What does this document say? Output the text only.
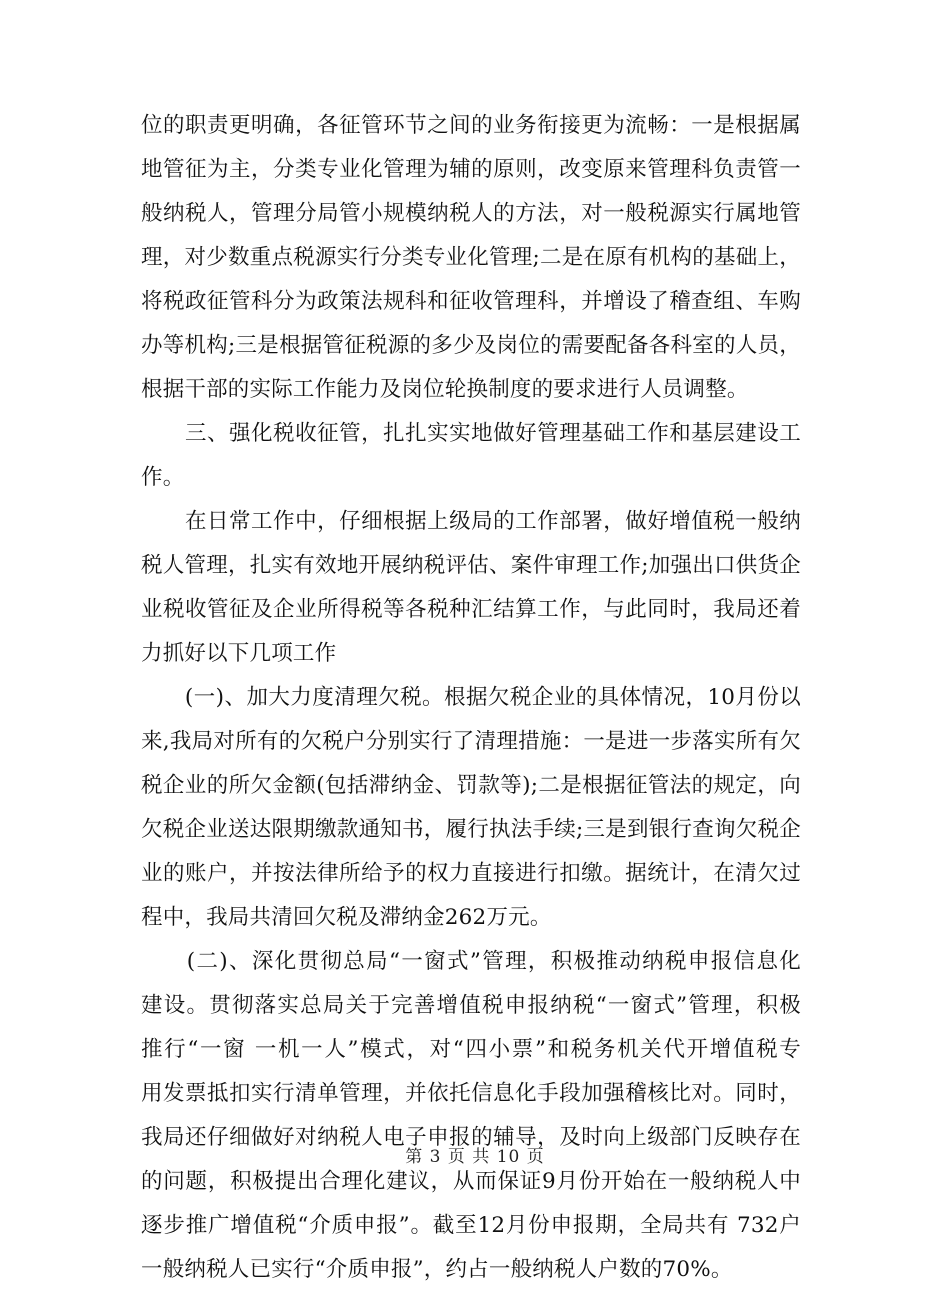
位的职责更明确，各征管环节之间的业务衔接更为流畅：一是根据属
地管征为主，分类专业化管理为辅的原则，改变原来管理科负责管一
般纳税人，管理分局管小规模纳税人的方法，对一般税源实行属地管
理，对少数重点税源实行分类专业化管理;二是在原有机构的基础上，
将税政征管科分为政策法规科和征收管理科，并增设了稽查组、车购
办等机构;三是根据管征税源的多少及岗位的需要配备各科室的人员，
根据干部的实际工作能力及岗位轮换制度的要求进行人员调整。
　　三、强化税收征管，扎扎实实地做好管理基础工作和基层建设工
作。
　　在日常工作中，仔细根据上级局的工作部署，做好增值税一般纳
税人管理，扎实有效地开展纳税评估、案件审理工作;加强出口供货企
业税收管征及企业所得税等各税种汇结算工作，与此同时，我局还着
力抓好以下几项工作
　　(一)、加大力度清理欠税。根据欠税企业的具体情况，10月份以
来,我局对所有的欠税户分别实行了清理措施：一是进一步落实所有欠
税企业的所欠金额(包括滞纳金、罚款等);二是根据征管法的规定，向
欠税企业送达限期缴款通知书，履行执法手续;三是到银行查询欠税企
业的账户，并按法律所给予的权力直接进行扣缴。据统计，在清欠过
程中，我局共清回欠税及滞纳金262万元。
　　(二)、深化贯彻总局“一窗式”管理，积极推动纳税申报信息化
建设。贯彻落实总局关于完善增值税申报纳税“一窗式”管理，积极
推行“一窗 一机一人”模式，对“四小票”和税务机关代开增值税专
用发票抵扣实行清单管理，并依托信息化手段加强稽核比对。同时，
我局还仔细做好对纳税人电子申报的辅导，及时向上级部门反映存在
的问题，积极提出合理化建议，从而保证9月份开始在一般纳税人中
逐步推广增值税“介质申报”。截至12月份申报期，全局共有 732户
一般纳税人已实行“介质申报”，约占一般纳税人户数的70%。
第 3 页 共 10 页
